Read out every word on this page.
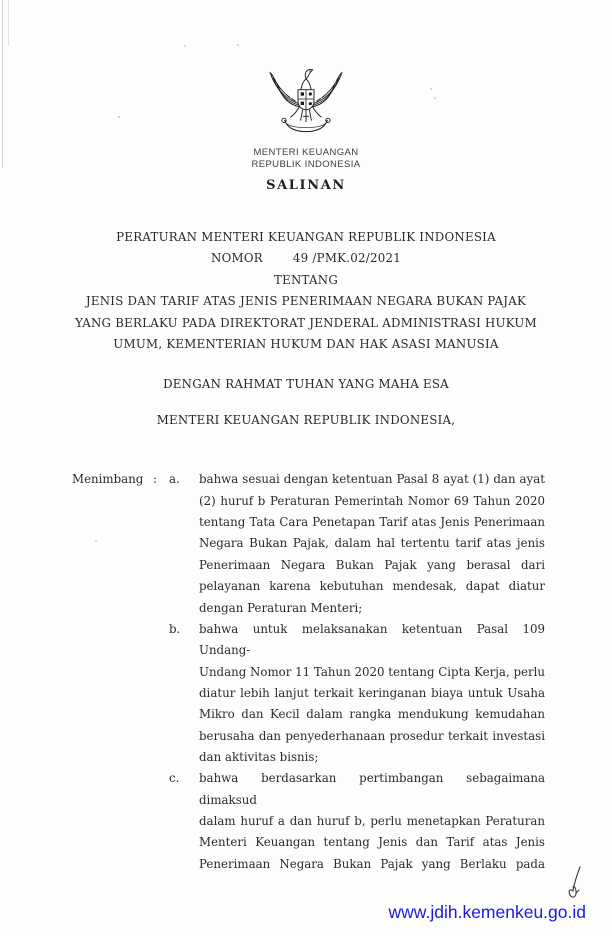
MENTERI KEUANGAN
REPUBLIK INDONESIA
SALINAN
PERATURAN MENTERI KEUANGAN REPUBLIK INDONESIA
NOMOR	49 /PMK.02/2021
TENTANG
JENIS DAN TARIF ATAS JENIS PENERIMAAN NEGARA BUKAN PAJAK
YANG BERLAKU PADA DIREKTORAT JENDERAL ADMINISTRASI HUKUM
UMUM, KEMENTERIAN HUKUM DAN HAK ASASI MANUSIA
DENGAN RAHMAT TUHAN YANG MAHA ESA
MENTERI KEUANGAN REPUBLIK INDONESIA,
Menimbang :	a.	bahwa sesuai dengan ketentuan Pasal 8 ayat (1) dan ayat
(2) huruf b Peraturan Pemerintah Nomor 69 Tahun 2020
tentang Tata Cara Penetapan Tarif atas Jenis Penerimaan
Negara Bukan Pajak, dalam hal tertentu tarif atas jenis
Penerimaan Negara Bukan Pajak yang berasal dari
pelayanan karena kebutuhan mendesak, dapat diatur
dengan Peraturan Menteri;
b.	bahwa untuk melaksanakan ketentuan Pasal 109 Undang-
Undang Nomor 11 Tahun 2020 tentang Cipta Kerja, perlu
diatur lebih lanjut terkait keringanan biaya untuk Usaha
Mikro dan Kecil dalam rangka mendukung kemudahan
berusaha dan penyederhanaan prosedur terkait investasi
dan aktivitas bisnis;
c.	bahwa berdasarkan pertimbangan sebagaimana dimaksud
dalam huruf a dan huruf b, perlu menetapkan Peraturan
Menteri Keuangan tentang Jenis dan Tarif atas Jenis
Penerimaan Negara Bukan Pajak yang Berlaku pada
www.jdih.kemenkeu.go.id
